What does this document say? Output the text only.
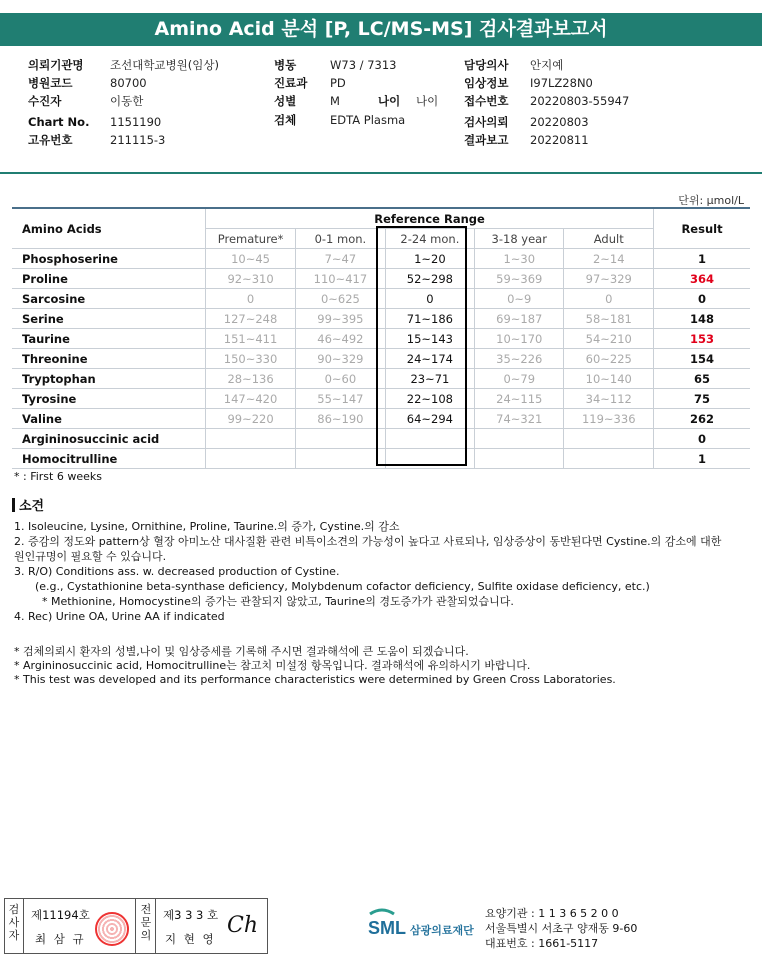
Amino Acid 분석 [P, LC/MS-MS] 검사결과보고서
의뢰기관명 조선대학교병원(임상)
병원코드	80700
수진자	이동한
Chart No. 1151190
고유번호	211115-3
병동	W73 / 7313
진료과 PD
성별	M	나이 나이
검체	EDTA Plasma
담당의사 안지예
임상정보 I97LZ28N0
접수번호 20220803-55947
검사의뢰 20220803
결과보고 20220811
단위: μmol/L
Amino Acids	Reference Range					Result
	Premature*	0-1 mon.	2-24 mon.	3-18 year	Adult	
Phosphoserine	10~45	7~47	1~20	1~30	2~14	1
Proline	92~310	110~417	52~298	59~369	97~329	364
Sarcosine	0	0~625	0	0~9	0	0
Serine	127~248	99~395	71~186	69~187	58~181	148
Taurine	151~411	46~492	15~143	10~170	54~210	153
Threonine	150~330	90~329	24~174	35~226	60~225	154
Tryptophan	28~136	0~60	23~71	0~79	10~140	65
Tyrosine	147~420	55~147	22~108	24~115	34~112	75
Valine	99~220	86~190	64~294	74~321	119~336	262
Argininosuccinic acid						0
Homocitrulline						1
* : First 6 weeks
소견

1. Isoleucine, Lysine, Ornithine, Proline, Taurine.의 증가, Cystine.의 감소

2. 증감의 정도와 pattern상 혈장 아미노산 대사질환 관련 비특이소견의 가능성이 높다고 사료되나, 임상증상이 동반된다면 Cystine.의 감소에 대한

원인규명이 필요할 수 있습니다.

3. R/O) Conditions ass. w. decreased production of Cystine.

(e.g., Cystathionine beta-synthase deficiency, Molybdenum cofactor deficiency, Sulfite oxidase deficiency, etc.)

* Methionine, Homocystine의 증가는 관찰되지 않았고, Taurine의 경도증가가 관찰되었습니다.

4. Rec) Urine OA, Urine AA if indicated

* 검체의뢰시 환자의 성별,나이 및 임상증세를 기록해 주시면 결과해석에 큰 도움이 되겠습니다.

* Argininosuccinic acid, Homocitrulline는 참고치 미설정 항목입니다. 결과해석에 유의하시기 바랍니다.

* This test was developed and its performance characteristics were determined by Green Cross Laboratories.

검
사
자
제11194호
최 삼 규
전
문
의
제3 3 3 호
지 현 영
Ch	SML 삼광의료재단

요양기관 : 1 1 3 6 5 2 0 0

서울특별시 서초구 양재동 9-60

대표번호 : 1661-5117
